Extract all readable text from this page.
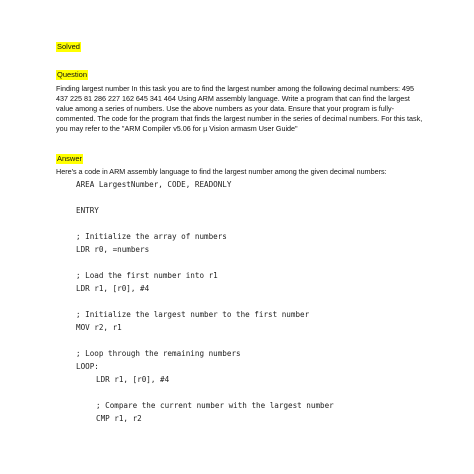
Solved
Question
Finding largest number In this task you are to find the largest number among the following decimal numbers: 495 437 225 81 286 227 162 645 341 464 Using ARM assembly language. Write a program that can find the largest value among a series of numbers. Use the above numbers as your data. Ensure that your program is fully-commented. The code for the program that finds the largest number in the series of decimal numbers. For this task, you may refer to the "ARM Compiler v5.06 for µ Vision armasm User Guide"
Answer
Here's a code in ARM assembly language to find the largest number among the given decimal numbers:
AREA LargestNumber, CODE, READONLY
ENTRY
; Initialize the array of numbers
LDR r0, =numbers
; Load the first number into r1
LDR r1, [r0], #4
; Initialize the largest number to the first number
MOV r2, r1
; Loop through the remaining numbers
LOOP:
LDR r1, [r0], #4
; Compare the current number with the largest number
CMP r1, r2
